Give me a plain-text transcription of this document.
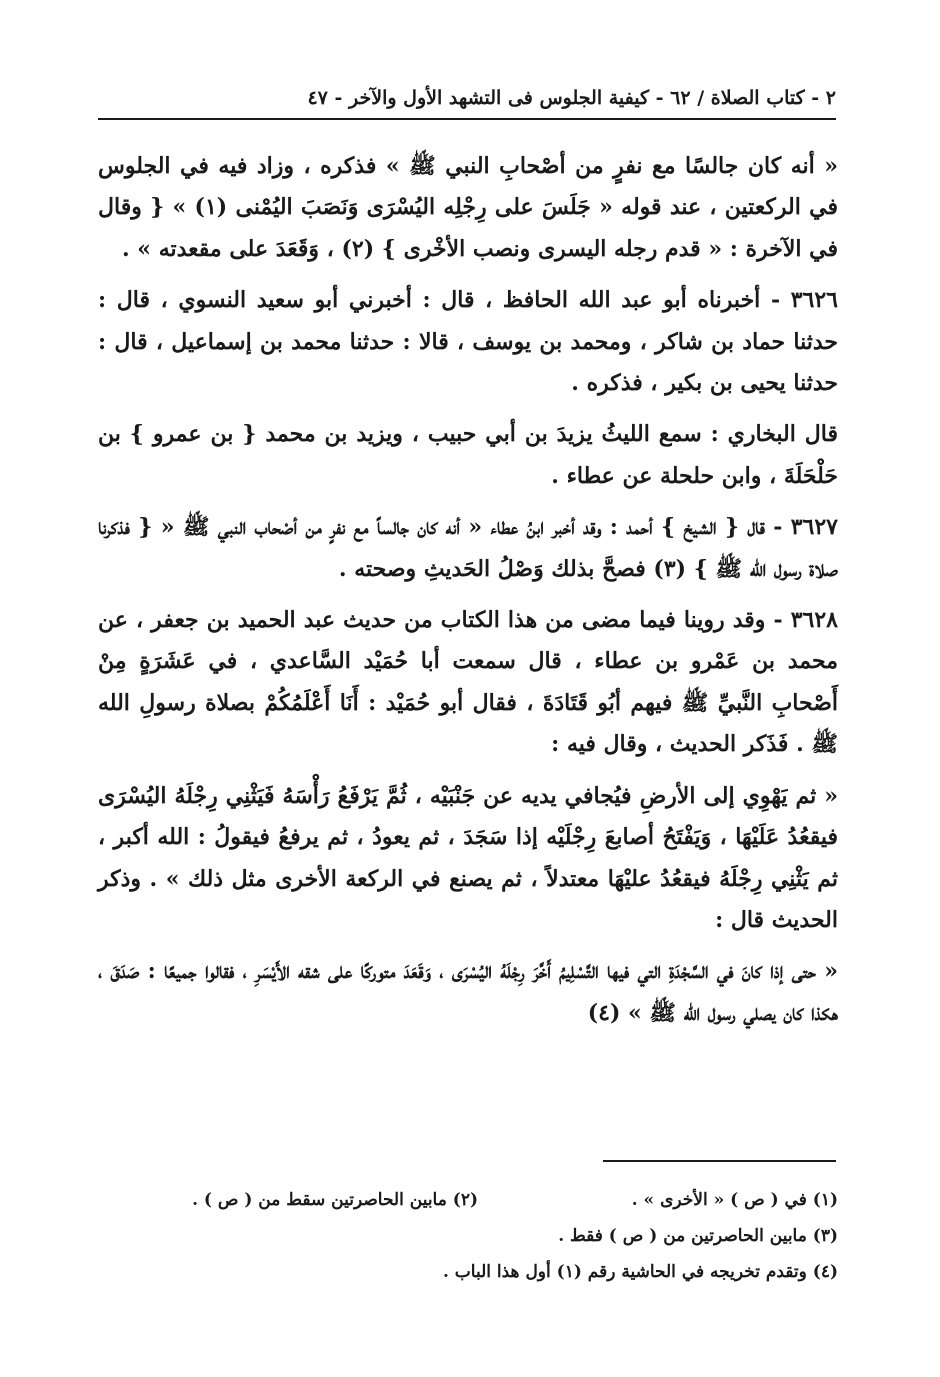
٢ - كتاب الصلاة / ٦٢ - كيفية الجلوس فى التشهد الأول والآخر - ٤٧

« أنه كان جالسًا مع نفرٍ من أصْحابِ النبي ﷺ » فذكره ، وزاد فيه في الجلوس في الركعتين ، عند قوله « جَلَسَ على رِجْلِه اليُسْرَى وَنَصَبَ اليُمْنى (١) » { وقال في الآخرة : « قدم رجله اليسرى ونصب الأخْرى } (٢) ، وَقَعَدَ على مقعدته » .

٣٦٢٦ - أخبرناه أبو عبد الله الحافظ ، قال : أخبرني أبو سعيد النسوي ، قال : حدثنا حماد بن شاكر ، ومحمد بن يوسف ، قالا : حدثنا محمد بن إسماعيل ، قال : حدثنا يحيى بن بكير ، فذكره .

قال البخاري : سمع الليثُ يزيدَ بن أبي حبيب ، ويزيد بن محمد { بن عمرو } بن حَلْحَلَةَ ، وابن حلحلة عن عطاء .

٣٦٢٧ - قال { الشيخ } أحمد : وقد أخبر ابنُ عطاء « أنه كان جالساً مع نفرٍ من أصْحاب النبي ﷺ « { فذكرنا صلاة رسول الله ﷺ } (٣) فصحَّ بذلك وَصْلُ الحَديثِ وصحته .

٣٦٢٨ - وقد روينا فيما مضى من هذا الكتاب من حديث عبد الحميد بن جعفر ، عن محمد بن عَمْرو بن عطاء ، قال سمعت أبا حُمَيْد السَّاعدي ، في عَشَرَةٍ مِنْ أَصْحابِ النَّبيِّ ﷺ فيهم أبُو قَتَادَةَ ، فقال أبو حُمَيْد : أَنَا أَعْلَمُكُمْ بصلاة رسولِ الله ﷺ . فَذَكر الحديث ، وقال فيه :

« ثم يَهْوِي إلى الأرضِ فيُجافي يديه عن جَنْبَيْه ، ثُمَّ يَرْفَعُ رَأْسَهُ فَيَثْنِي رِجْلَهُ اليُسْرَى فيقعُدُ عَلَيْهَا ، وَيَفْتَحُ أصابعَ رِجْلَيْه إذا سَجَدَ ، ثم يعودُ ، ثم يرفعُ فيقولُ : الله أكبر ، ثم يَثْنِي رِجْلَهُ فيقعُدُ عليْهَا معتدلاً ، ثم يصنع في الركعة الأخرى مثل ذلك » . وذكر الحديث قال :

« حتى إذا كانَ في السَّجْدَةِ التي فيها التَّسْلِيمُ أَخَّرَ رِجْلَهُ اليُسْرَى ، وَقَعَدَ متوركًا على شقه الأَيْسَرِ ، فقالوا جميعًا : صَدَقَ ، هكذا كان يصلي رسول الله ﷺ » (٤)

(١) في ( ص ) « الأخرى » .
(٢) مابين الحاصرتين سقط من ( ص ) .
(٣) مابين الحاصرتين من ( ص ) فقط .
(٤) وتقدم تخريجه في الحاشية رقم (١) أول هذا الباب .
